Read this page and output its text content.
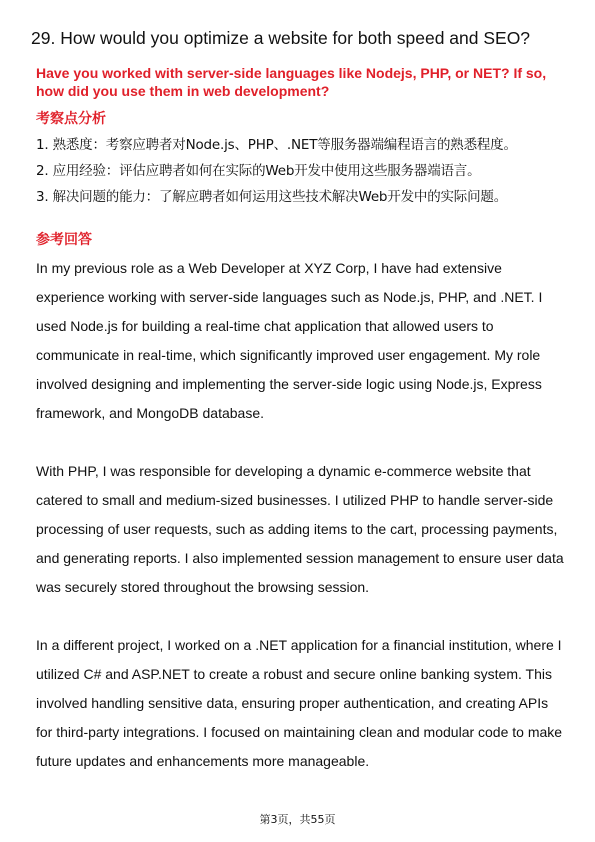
29. How would you optimize a website for both speed and SEO?
Have you worked with server-side languages like Nodejs, PHP, or NET? If so, how did you use them in web development?
考察点分析
1. 熟悉度：考察应聘者对Node.js、PHP、.NET等服务器端编程语言的熟悉程度。
2. 应用经验：评估应聘者如何在实际的Web开发中使用这些服务器端语言。
3. 解决问题的能力：了解应聘者如何运用这些技术解决Web开发中的实际问题。
参考回答

In my previous role as a Web Developer at XYZ Corp, I have had extensive experience working with server-side languages such as Node.js, PHP, and .NET. I used Node.js for building a real-time chat application that allowed users to communicate in real-time, which significantly improved user engagement. My role involved designing and implementing the server-side logic using Node.js, Express framework, and MongoDB database.

With PHP, I was responsible for developing a dynamic e-commerce website that catered to small and medium-sized businesses. I utilized PHP to handle server-side processing of user requests, such as adding items to the cart, processing payments, and generating reports. I also implemented session management to ensure user data was securely stored throughout the browsing session.

In a different project, I worked on a .NET application for a financial institution, where I utilized C# and ASP.NET to create a robust and secure online banking system. This involved handling sensitive data, ensuring proper authentication, and creating APIs for third-party integrations. I focused on maintaining clean and modular code to make future updates and enhancements more manageable.

第3页，共55页
